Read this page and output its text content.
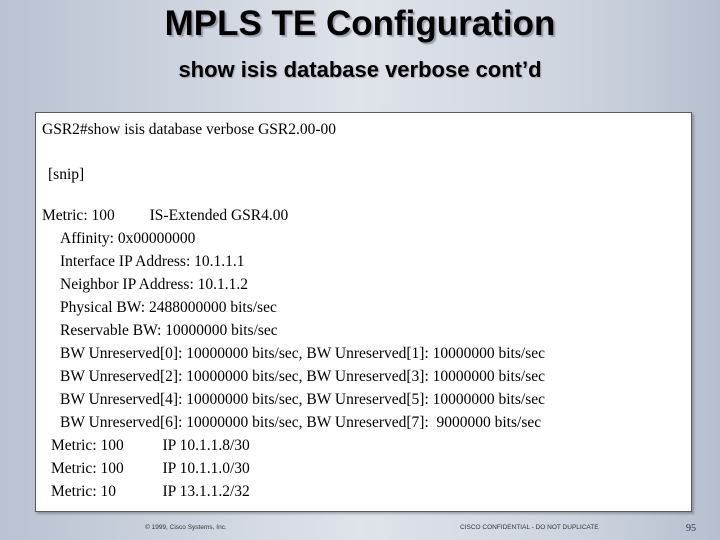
MPLS TE Configuration
show isis database verbose cont’d
GSR2#show isis database verbose GSR2.00-00
[snip]
Metric: 100         IS-Extended GSR4.00
Affinity: 0x00000000
Interface IP Address: 10.1.1.1
Neighbor IP Address: 10.1.1.2
Physical BW: 2488000000 bits/sec
Reservable BW: 10000000 bits/sec
BW Unreserved[0]: 10000000 bits/sec, BW Unreserved[1]: 10000000 bits/sec
BW Unreserved[2]: 10000000 bits/sec, BW Unreserved[3]: 10000000 bits/sec
BW Unreserved[4]: 10000000 bits/sec, BW Unreserved[5]: 10000000 bits/sec
BW Unreserved[6]: 10000000 bits/sec, BW Unreserved[7]:  9000000 bits/sec
Metric: 100          IP 10.1.1.8/30
Metric: 100          IP 10.1.1.0/30
Metric: 10            IP 13.1.1.2/32
© 1999, Cisco Systems, Inc.	CISCO CONFIDENTIAL - DO NOT DUPLICATE	95
